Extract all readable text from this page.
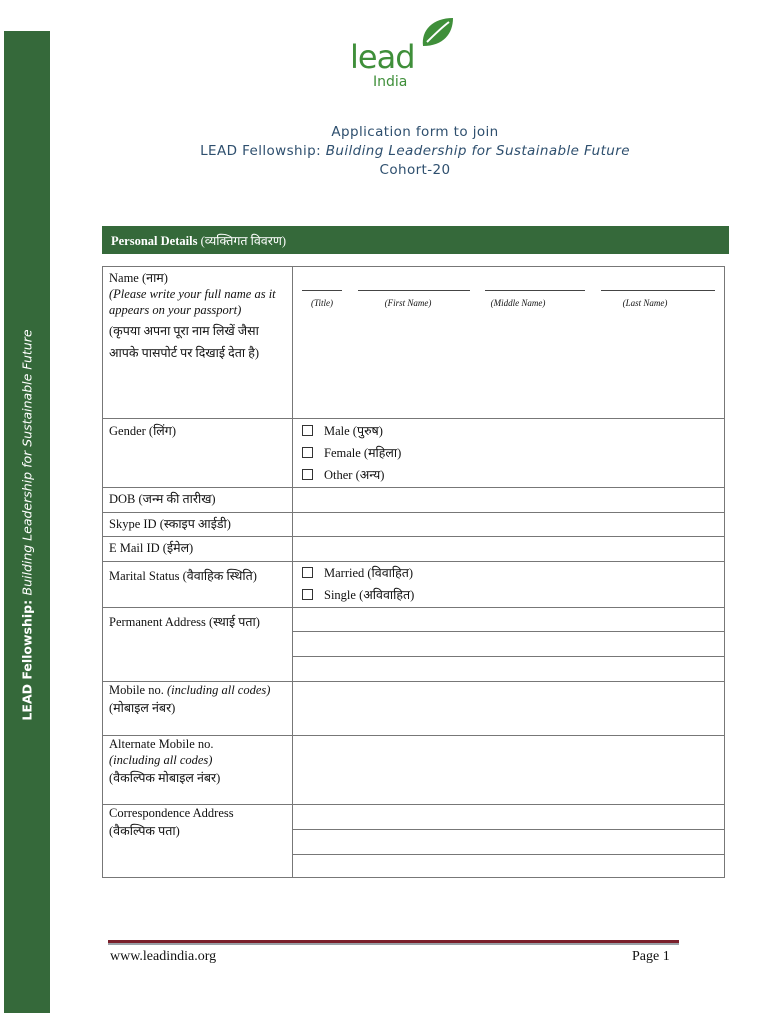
LEAD Fellowship: Building Leadership for Sustainable Future
lead
India
Application form to join
LEAD Fellowship: Building Leadership for Sustainable Future
Cohort-20
Personal Details (व्यक्तिगत विवरण)
Name (नाम)
(Please write your full name as it appears on your passport)
(कृपया अपना पूरा नाम लिखें जैसा आपके पासपोर्ट पर दिखाई देता है)
(Title)	(First Name)	(Middle Name)	(Last Name)
Gender (लिंग)	Male (पुरुष)
Female (महिला)
Other (अन्य)
DOB (जन्म की तारीख)
Skype ID (स्काइप आईडी)
E Mail ID (ईमेल)
Marital Status (वैवाहिक स्थिति)	Married (विवाहित)
Single (अविवाहित)
Permanent Address (स्थाई पता)
Mobile no. (including all codes)
(मोबाइल नंबर)
Alternate Mobile no.
(including all codes)
(वैकल्पिक मोबाइल नंबर)
Correspondence Address
(वैकल्पिक पता)
www.leadindia.org	Page 1
